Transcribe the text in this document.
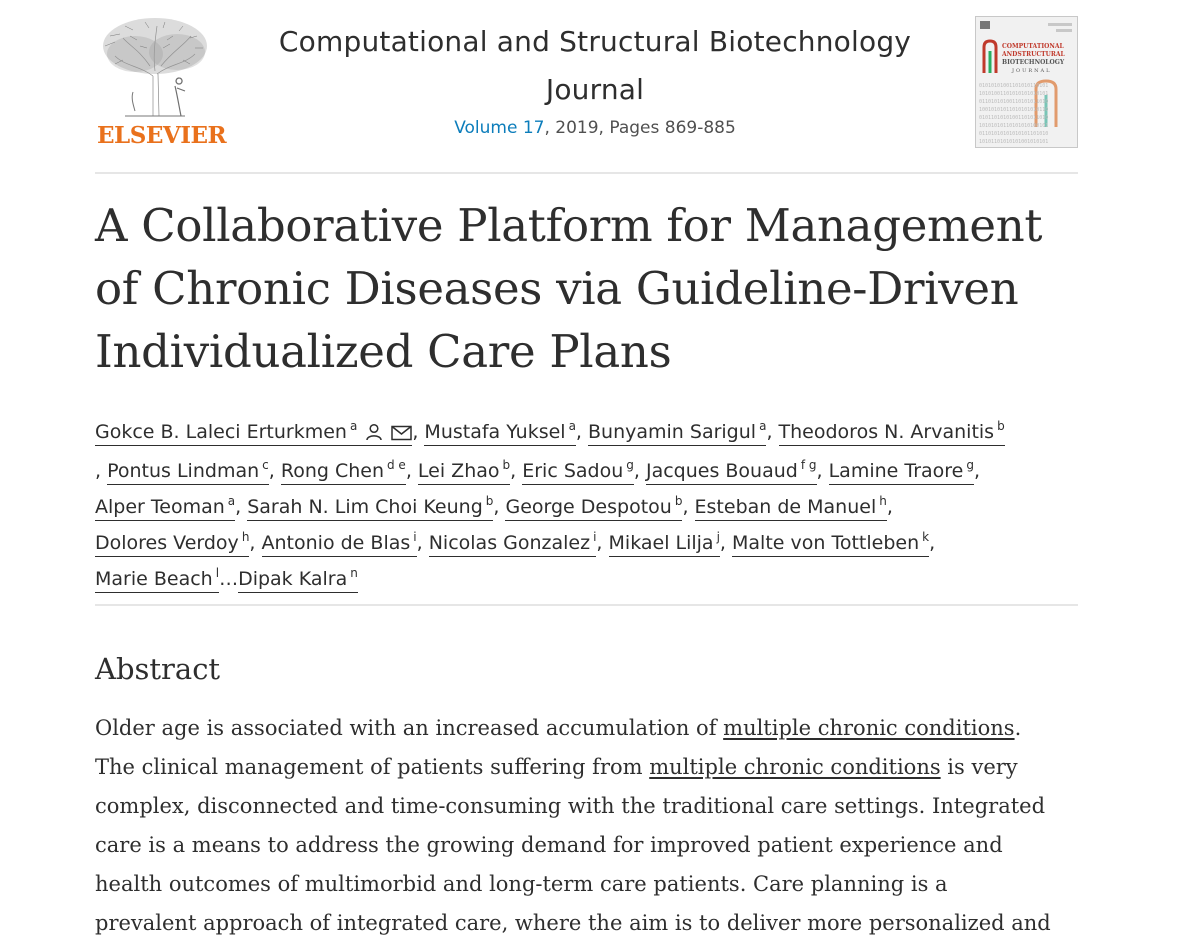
ELSEVIER
Computational and Structural Biotechnology Journal
Volume 17, 2019, Pages 869-885
COMPUTATIONAL
ANDSTRUCTURAL
BIOTECHNOLOGY
JOURNAL
01010101001101010110101
10101001101010101010101
01101010100110101011010
10010101011010101010110
01011010101001101011010
10101010110101010100101
01101010101010101101010
10101101010101001010101
A Collaborative Platform for Management of Chronic Diseases via Guideline-Driven Individualized Care Plans
Gokce B. Laleci Erturkmen $^a$	, Mustafa Yuksel $^a$, Bunyamin Sarigul $^a$, Theodoros N. Arvanitis $^b$
, Pontus Lindman $^c$, Rong Chen $^{d e}$, Lei Zhao $^b$, Eric Sadou $^g$, Jacques Bouaud $^{f g}$, Lamine Traore $^g$,
Alper Teoman $^a$, Sarah N. Lim Choi Keung $^b$, George Despotou $^b$, Esteban de Manuel $^h$,
Dolores Verdoy $^h$, Antonio de Blas $^i$, Nicolas Gonzalez $^i$, Mikael Lilja $^j$, Malte von Tottleben $^k$,
Marie Beach $^l$…Dipak Kalra $^n$
Abstract
Older age is associated with an increased accumulation of multiple chronic conditions.
The clinical management of patients suffering from multiple chronic conditions is very
complex, disconnected and time-consuming with the traditional care settings. Integrated
care is a means to address the growing demand for improved patient experience and
health outcomes of multimorbid and long-term care patients. Care planning is a
prevalent approach of integrated care, where the aim is to deliver more personalized and
